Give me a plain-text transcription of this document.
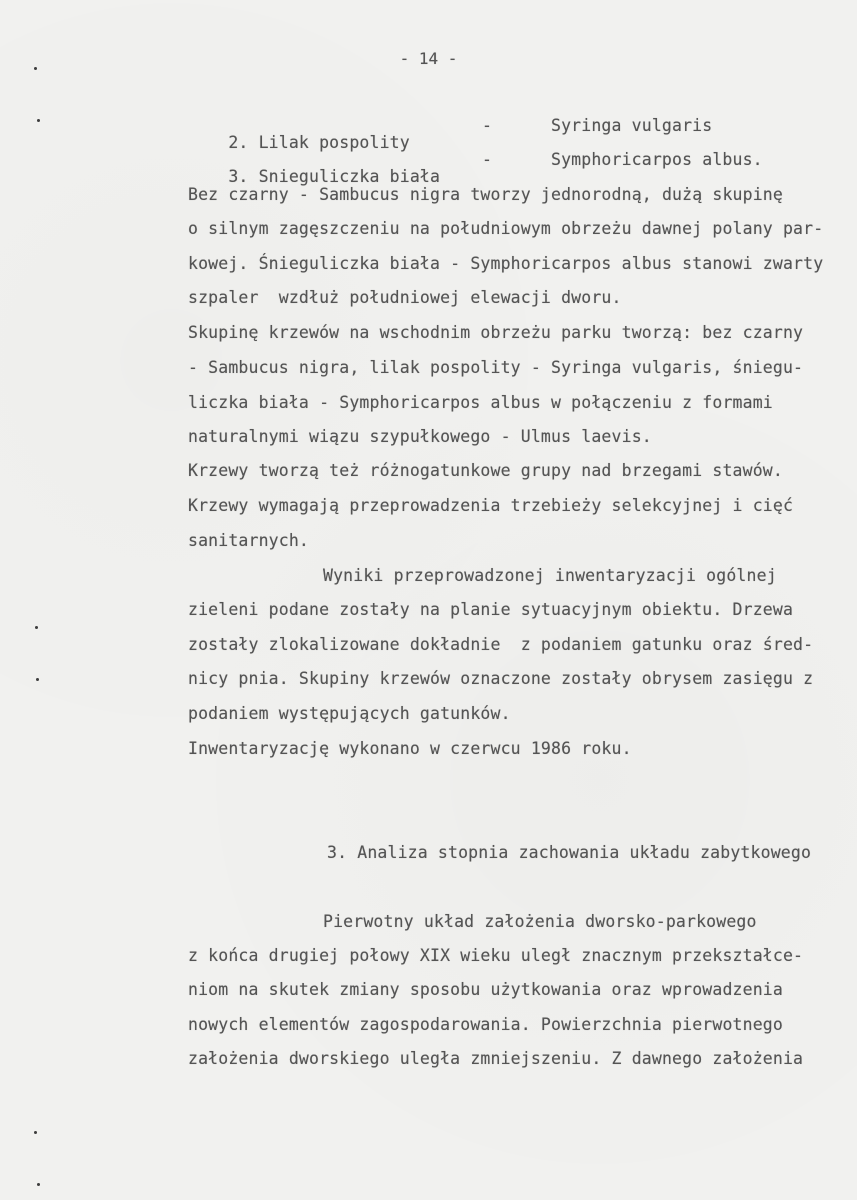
- 14 -

2. Lilak pospolity

-	Syringa vulgaris

3. Snieguliczka biała

-	Symphoricarpos albus.
Bez czarny - Sambucus nigra tworzy jednorodną, dużą skupinę
o silnym zagęszczeniu na południowym obrzeżu dawnej polany par-
kowej. Śnieguliczka biała - Symphoricarpos albus stanowi zwarty
szpaler  wzdłuż południowej elewacji dworu.
Skupinę krzewów na wschodnim obrzeżu parku tworzą: bez czarny
- Sambucus nigra, lilak pospolity - Syringa vulgaris, śniegu-
liczka biała - Symphoricarpos albus w połączeniu z formami
naturalnymi wiązu szypułkowego - Ulmus laevis.
Krzewy tworzą też różnogatunkowe grupy nad brzegami stawów.
Krzewy wymagają przeprowadzenia trzebieży selekcyjnej i cięć
sanitarnych.
Wyniki przeprowadzonej inwentaryzacji ogólnej
zieleni podane zostały na planie sytuacyjnym obiektu. Drzewa
zostały zlokalizowane dokładnie  z podaniem gatunku oraz śred-
nicy pnia. Skupiny krzewów oznaczone zostały obrysem zasięgu z
podaniem występujących gatunków.
Inwentaryzację wykonano w czerwcu 1986 roku.
3. Analiza stopnia zachowania układu zabytkowego
Pierwotny układ założenia dworsko-parkowego
z końca drugiej połowy XIX wieku uległ znacznym przekształce-
niom na skutek zmiany sposobu użytkowania oraz wprowadzenia
nowych elementów zagospodarowania. Powierzchnia pierwotnego
założenia dworskiego uległa zmniejszeniu. Z dawnego założenia
